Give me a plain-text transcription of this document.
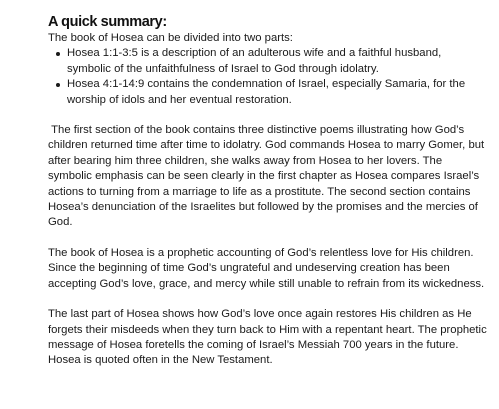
A quick summary:

The book of Hosea can be divided into two parts:

Hosea 1:1-3:5 is a description of an adulterous wife and a faithful husband, symbolic of the unfaithfulness of Israel to God through idolatry.
Hosea 4:1-14:9 contains the condemnation of Israel, especially Samaria, for the worship of idols and her eventual restoration.

The first section of the book contains three distinctive poems illustrating how God’s children returned time after time to idolatry. God commands Hosea to marry Gomer, but after bearing him three children, she walks away from Hosea to her lovers. The symbolic emphasis can be seen clearly in the first chapter as Hosea compares Israel’s actions to turning from a marriage to life as a prostitute. The second section contains Hosea’s denunciation of the Israelites but followed by the promises and the mercies of God.

The book of Hosea is a prophetic accounting of God’s relentless love for His children. Since the beginning of time God’s ungrateful and undeserving creation has been accepting God’s love, grace, and mercy while still unable to refrain from its wickedness.

The last part of Hosea shows how God’s love once again restores His children as He forgets their misdeeds when they turn back to Him with a repentant heart. The prophetic message of Hosea foretells the coming of Israel’s Messiah 700 years in the future. Hosea is quoted often in the New Testament.
